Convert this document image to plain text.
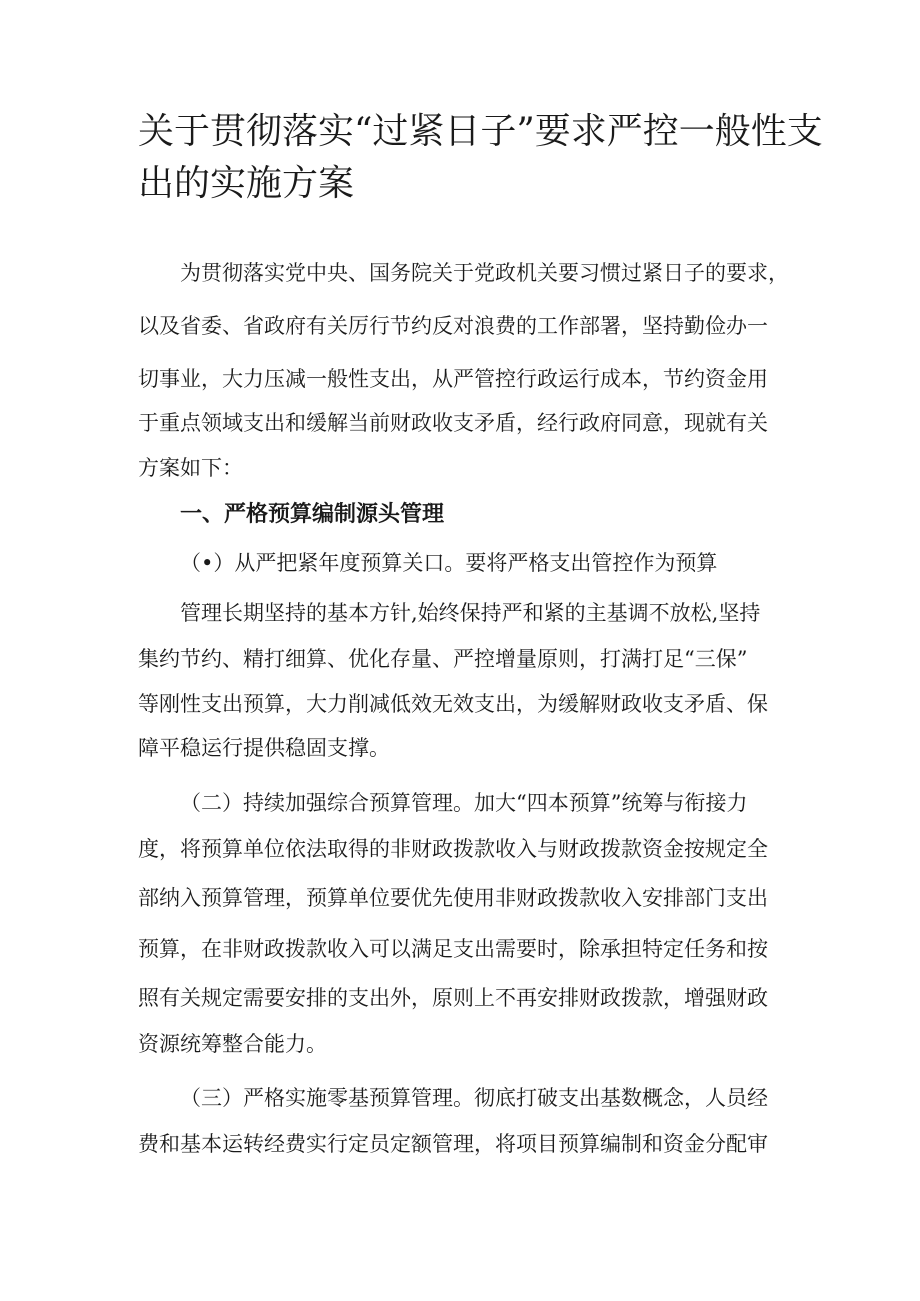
关于贯彻落实“过紧日子”要求严控一般性支
出的实施方案
为贯彻落实党中央、国务院关于党政机关要习惯过紧日子的要求，
以及省委、省政府有关厉行节约反对浪费的工作部署，坚持勤俭办一
切事业，大力压减一般性支出，从严管控行政运行成本，节约资金用
于重点领域支出和缓解当前财政收支矛盾，经行政府同意，现就有关
方案如下：
一、严格预算编制源头管理
（•）从严把紧年度预算关口。要将严格支出管控作为预算
管理长期坚持的基本方针,始终保持严和紧的主基调不放松,坚持
集约节约、精打细算、优化存量、严控增量原则，打满打足“三保”
等刚性支出预算，大力削减低效无效支出，为缓解财政收支矛盾、保
障平稳运行提供稳固支撑。
（二）持续加强综合预算管理。加大“四本预算”统筹与衔接力
度，将预算单位依法取得的非财政拨款收入与财政拨款资金按规定全
部纳入预算管理，预算单位要优先使用非财政拨款收入安排部门支出
预算，在非财政拨款收入可以满足支出需要时，除承担特定任务和按
照有关规定需要安排的支出外，原则上不再安排财政拨款，增强财政
资源统筹整合能力。
（三）严格实施零基预算管理。彻底打破支出基数概念，人员经
费和基本运转经费实行定员定额管理，将项目预算编制和资金分配审
